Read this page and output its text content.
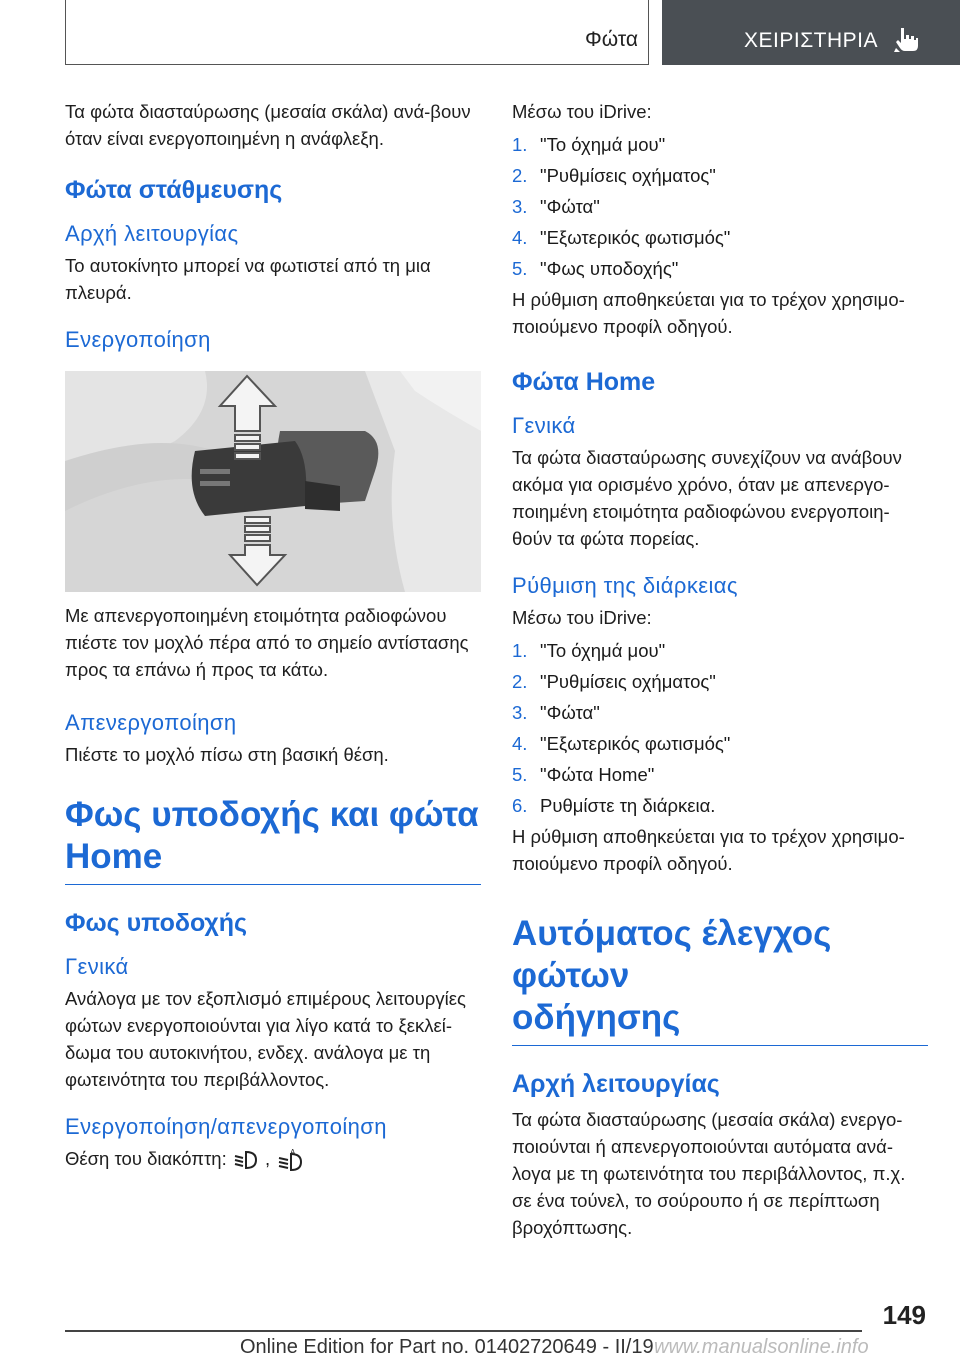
Φώτα	ΧΕΙΡΙΣΤΗΡΙΑ

Τα φώτα διασταύρωσης (μεσαία σκάλα) ανά-βουν όταν είναι ενεργοποιημένη η ανάφλεξη.

Φώτα στάθμευσης
Αρχή λειτουργίας

Το αυτοκίνητο μπορεί να φωτιστεί από τη μια πλευρά.

Ενεργοποίηση

Με απενεργοποιημένη ετοιμότητα ραδιοφώνου πιέστε τον μοχλό πέρα από το σημείο αντίστασης προς τα επάνω ή προς τα κάτω.

Απενεργοποίηση

Πιέστε το μοχλό πίσω στη βασική θέση.

Φως υποδοχής και φώτα
Home
Φως υποδοχής
Γενικά

Ανάλογα με τον εξοπλισμό επιμέρους λειτουργίες φώτων ενεργοποιούνται για λίγο κατά το ξεκλεί-δωμα του αυτοκινήτου, ενδεχ. ανάλογα με τη φωτεινότητα του περιβάλλοντος.

Ενεργοποίηση/απενεργοποίηση

Θέση του διακόπτη: ,	A

Μέσω του iDrive:

1. "Το όχημά μου"
2. "Ρυθμίσεις οχήματος"
3. "Φώτα"
4. "Εξωτερικός φωτισμός"
5. "Φως υποδοχής"

Η ρύθμιση αποθηκεύεται για το τρέχον χρησιμο-ποιούμενο προφίλ οδηγού.

Φώτα Home
Γενικά

Τα φώτα διασταύρωσης συνεχίζουν να ανάβουν ακόμα για ορισμένο χρόνο, όταν με απενεργο-ποιημένη ετοιμότητα ραδιοφώνου ενεργοποιη-θούν τα φώτα πορείας.

Ρύθμιση της διάρκειας

Μέσω του iDrive:

1. "Το όχημά μου"
2. "Ρυθμίσεις οχήματος"
3. "Φώτα"
4. "Εξωτερικός φωτισμός"
5. "Φώτα Home"
6. Ρυθμίστε τη διάρκεια.

Η ρύθμιση αποθηκεύεται για το τρέχον χρησιμο-ποιούμενο προφίλ οδηγού.

Αυτόματος έλεγχος φώτων
οδήγησης
Αρχή λειτουργίας

Τα φώτα διασταύρωσης (μεσαία σκάλα) ενεργο-ποιούνται ή απενεργοποιούνται αυτόματα ανά-λογα με τη φωτεινότητα του περιβάλλοντος, π.χ. σε ένα τούνελ, το σούρουπο ή σε περίπτωση βροχόπτωσης.

149
Online Edition for Part no. 01402720649 - II/19 www.manualsonline.info
